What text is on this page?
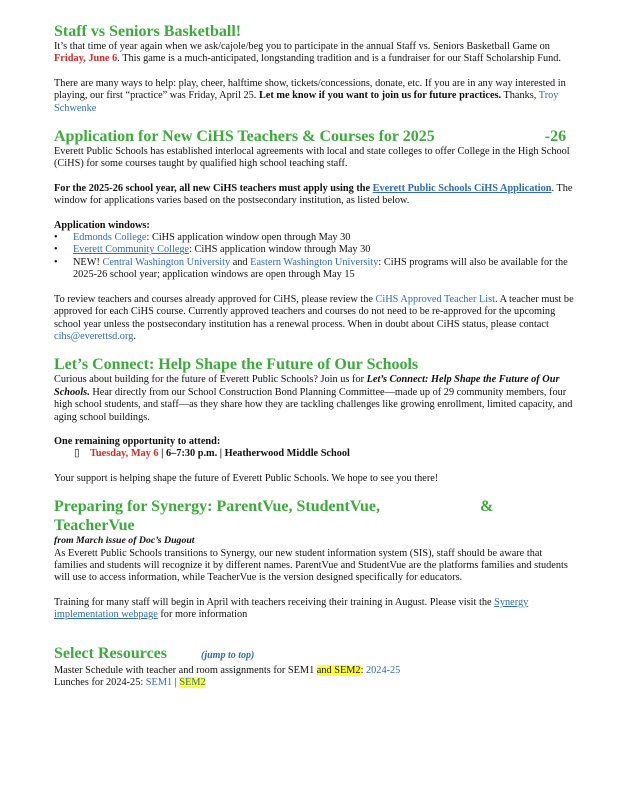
Staff vs Seniors Basketball!

It’s that time of year again when we ask/cajole/beg you to participate in the annual Staff vs. Seniors Basketball Game on Friday, June 6. This game is a much-anticipated, longstanding tradition and is a fundraiser for our Staff Scholarship Fund.

There are many ways to help: play, cheer, halftime show, tickets/concessions, donate, etc. If you are in any way interested in playing, our first “practice” was Friday, April 25. Let me know if you want to join us for future practices. Thanks, Troy Schwenke

Application for New CiHS Teachers & Courses for 2025	-26

Everett Public Schools has established interlocal agreements with local and state colleges to offer College in the High School (CiHS) for some courses taught by qualified high school teaching staff.

For the 2025-26 school year, all new CiHS teachers must apply using the Everett Public Schools CiHS Application. The window for applications varies based on the postsecondary institution, as listed below.

Application windows:

• Edmonds College: CiHS application window open through May 30
• Everett Community College: CiHS application window through May 30
• NEW! Central Washington University and Eastern Washington University: CiHS programs will also be available for the 2025-26 school year; application windows are open through May 15

To review teachers and courses already approved for CiHS, please review the CiHS Approved Teacher List. A teacher must be approved for each CiHS course. Currently approved teachers and courses do not need to be re-approved for the upcoming school year unless the postsecondary institution has a renewal process. When in doubt about CiHS status, please contact cihs@everettsd.org.

Let’s Connect: Help Shape the Future of Our Schools

Curious about building for the future of Everett Public Schools? Join us for Let’s Connect: Help Shape the Future of Our Schools. Hear directly from our School Construction Bond Planning Committee—made up of 29 community members, four high school students, and staff—as they share how they are tackling challenges like growing enrollment, limited capacity, and aging school buildings.

One remaining opportunity to attend:

▯ Tuesday, May 6 | 6–7:30 p.m. | Heatherwood Middle School

Your support is helping shape the future of Everett Public Schools. We hope to see you there!

Preparing for Synergy: ParentVue, StudentVue,	& TeacherVue

from March issue of Doc’s Dugout

As Everett Public Schools transitions to Synergy, our new student information system (SIS), staff should be aware that families and students will recognize it by different names. ParentVue and StudentVue are the platforms families and students will use to access information, while TeacherVue is the version designed specifically for educators.

Training for many staff will begin in April with teachers receiving their training in August. Please visit the Synergy implementation webpage for more information

Select Resources	(jump to top)

Master Schedule with teacher and room assignments for SEM1 and SEM2: 2024-25

Lunches for 2024-25: SEM1 | SEM2
